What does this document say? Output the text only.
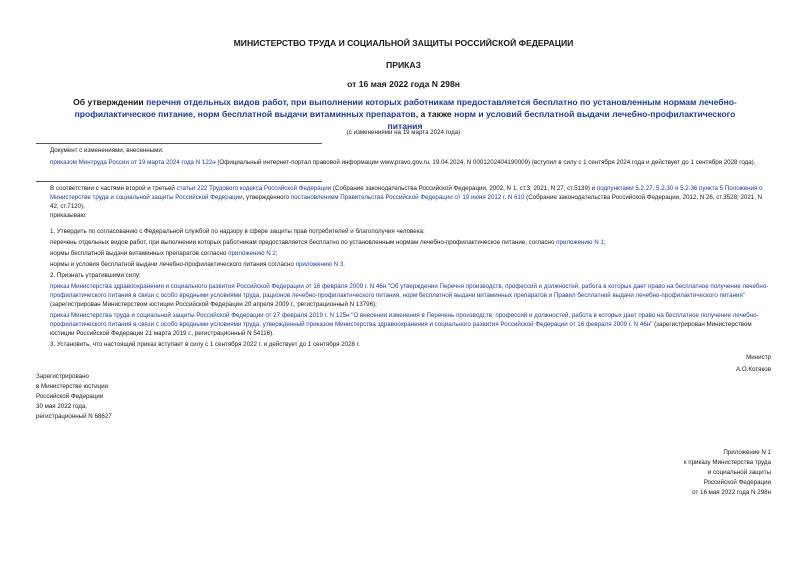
МИНИСТЕРСТВО ТРУДА И СОЦИАЛЬНОЙ ЗАЩИТЫ РОССИЙСКОЙ ФЕДЕРАЦИИ
ПРИКАЗ
от 16 мая 2022 года N 298н
Об утверждении перечня отдельных видов работ, при выполнении которых работникам предоставляется бесплатно по установленным нормам лечебно-профилактическое питание, норм бесплатной выдачи витаминных препаратов, а также норм и условий бесплатной выдачи лечебно-профилактического питания
(с изменениями на 19 марта 2024 года)

Документ с изменениями, внесенными:

приказом Минтруда России от 19 марта 2024 года N 122н (Официальный интернет-портал правовой информации www.pravo.gov.ru, 19.04.2024, N 0001202404190009) (вступил в силу с 1 сентября 2024 года и действует до 1 сентября 2028 года).

В соответствии с частями второй и третьей статьи 222 Трудового кодекса Российской Федерации (Собрание законодательства Российской Федерации, 2002, N 1, ст.3; 2021, N 27, ст.5139) и подпунктами 5.2.27, 5.2.30 и 5.2.36 пункта 5 Положения о Министерстве труда и социальной защиты Российской Федерации, утвержденного постановлением Правительства Российской Федерации от 19 июня 2012 г. N 610 (Собрание законодательства Российской Федерации, 2012, N 26, ст.3528; 2021, N 42, ст.7120),

приказываю:

1. Утвердить по согласованию с Федеральной службой по надзору в сфере защиты прав потребителей и благополучия человека:

перечень отдельных видов работ, при выполнении которых работникам предоставляется бесплатно по установленным нормам лечебно-профилактическое питание, согласно приложению N 1;

нормы бесплатной выдачи витаминных препаратов согласно приложению N 2;

нормы и условия бесплатной выдачи лечебно-профилактического питания согласно приложению N 3.

2. Признать утратившими силу:

приказ Министерства здравоохранения и социального развития Российской Федерации от 16 февраля 2009 г. N 46н "Об утверждении Перечня производств, профессий и должностей, работа в которых дает право на бесплатное получение лечебно-профилактического питания в связи с особо вредными условиями труда, рационов лечебно-профилактического питания, норм бесплатной выдачи витаминных препаратов и Правил бесплатной выдачи лечебно-профилактического питания" (зарегистрирован Министерством юстиции Российской Федерации 20 апреля 2009 г., регистрационный N 13796);

приказ Министерства труда и социальной защиты Российской Федерации от 27 февраля 2019 г. N 125н "О внесении изменения в Перечень производств, профессий и должностей, работа в которых дает право на бесплатное получение лечебно-профилактического питания в связи с особо вредными условиями труда, утвержденный приказом Министерства здравоохранения и социального развития Российской Федерации от 16 февраля 2009 г. N 46н" (зарегистрирован Министерством юстиции Российской Федерации 21 марта 2019 г., регистрационный N 54116).

3. Установить, что настоящий приказ вступает в силу с 1 сентября 2022 г. и действует до 1 сентября 2028 г.

Министр

А.О.Котяков

Зарегистрировано

в Министерстве юстиции

Российской Федерации

30 мая 2022 года,

регистрационный N 68627

Приложение N 1

к приказу Министерства труда

и социальной защиты

Российской Федерации

от 16 мая 2022 года N 298н
